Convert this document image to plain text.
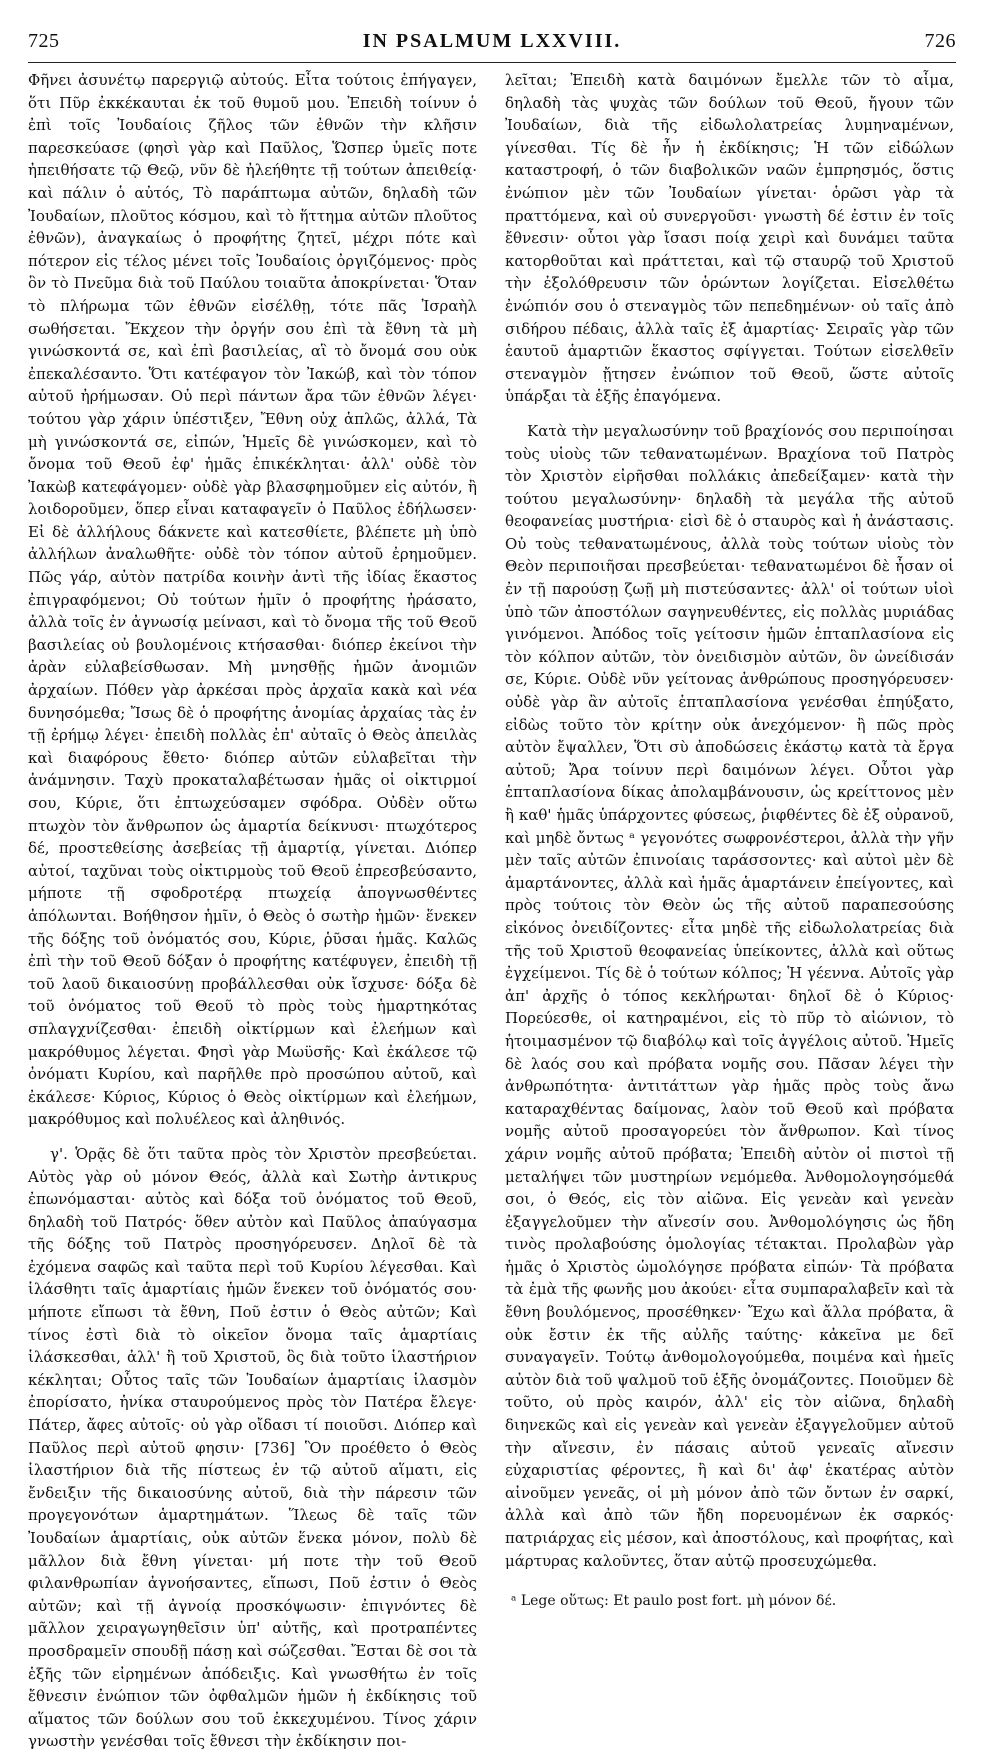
725	IN PSALMUM LXXVIII.	726

Φῆνει ἀσυνέτῳ παρεργιῷ αὐτούς. Εἶτα τούτοις ἐπήγαγεν, ὅτι Πῦρ ἐκκέκαυται ἐκ τοῦ θυμοῦ μου. Ἐπειδὴ τοίνυν ὁ ἐπὶ τοῖς Ἰουδαίοις ζῆλος τῶν ἐθνῶν τὴν κλῆσιν παρεσκεύασε (φησὶ γὰρ καὶ Παῦλος, Ὥσπερ ὑμεῖς ποτε ἠπειθήσατε τῷ Θεῷ, νῦν δὲ ἠλεήθητε τῇ τούτων ἀπειθείᾳ· καὶ πάλιν ὁ αὐτός, Τὸ παράπτωμα αὐτῶν, δηλαδὴ τῶν Ἰουδαίων, πλοῦτος κόσμου, καὶ τὸ ἥττημα αὐτῶν πλοῦτος ἐθνῶν), ἀναγκαίως ὁ προφήτης ζητεῖ, μέχρι πότε καὶ πότερον εἰς τέλος μένει τοῖς Ἰουδαίοις ὀργιζόμενος· πρὸς ὃν τὸ Πνεῦμα διὰ τοῦ Παύλου τοιαῦτα ἀποκρίνεται· Ὅταν τὸ πλήρωμα τῶν ἐθνῶν εἰσέλθῃ, τότε πᾶς Ἰσραὴλ σωθήσεται. Ἔκχεον τὴν ὀργήν σου ἐπὶ τὰ ἔθνη τὰ μὴ γινώσκοντά σε, καὶ ἐπὶ βασιλείας, αἳ τὸ ὄνομά σου οὐκ ἐπεκαλέσαντο. Ὅτι κατέφαγον τὸν Ἰακώβ, καὶ τὸν τόπον αὐτοῦ ἠρήμωσαν. Οὐ περὶ πάντων ἄρα τῶν ἐθνῶν λέγει· τούτου γὰρ χάριν ὑπέστιξεν, Ἔθνη οὐχ ἁπλῶς, ἀλλά, Τὰ μὴ γινώσκοντά σε, εἰπών, Ἡμεῖς δὲ γινώσκομεν, καὶ τὸ ὄνομα τοῦ Θεοῦ ἐφ' ἡμᾶς ἐπικέκληται· ἀλλ' οὐδὲ τὸν Ἰακὼβ κατεφάγομεν· οὐδὲ γὰρ βλασφημοῦμεν εἰς αὐτόν, ἢ λοιδοροῦμεν, ὅπερ εἶναι καταφαγεῖν ὁ Παῦλος ἐδήλωσεν· Εἰ δὲ ἀλλήλους δάκνετε καὶ κατεσθίετε, βλέπετε μὴ ὑπὸ ἀλλήλων ἀναλωθῆτε· οὐδὲ τὸν τόπον αὐτοῦ ἐρημοῦμεν. Πῶς γάρ, αὐτὸν πατρίδα κοινὴν ἀντὶ τῆς ἰδίας ἕκαστος ἐπιγραφόμενοι; Οὐ τούτων ἡμῖν ὁ προφήτης ἠράσατο, ἀλλὰ τοῖς ἐν ἀγνωσίᾳ μείνασι, καὶ τὸ ὄνομα τῆς τοῦ Θεοῦ βασιλείας οὐ βουλομένοις κτήσασθαι· διόπερ ἐκείνοι τὴν ἀρὰν εὐλαβείσθωσαν. Μὴ μνησθῇς ἡμῶν ἀνομιῶν ἀρχαίων. Πόθεν γὰρ ἀρκέσαι πρὸς ἀρχαῖα κακὰ καὶ νέα δυνησόμεθα; Ἴσως δὲ ὁ προφήτης ἀνομίας ἀρχαίας τὰς ἐν τῇ ἐρήμῳ λέγει· ἐπειδὴ πολλὰς ἐπ' αὐταῖς ὁ Θεὸς ἀπειλὰς καὶ διαφόρους ἔθετο· διόπερ αὐτῶν εὐλαβεῖται τὴν ἀνάμνησιν. Ταχὺ προκαταλαβέτωσαν ἡμᾶς οἱ οἰκτιρμοί σου, Κύριε, ὅτι ἐπτωχεύσαμεν σφόδρα. Οὐδὲν οὕτω πτωχὸν τὸν ἄνθρωπον ὡς ἁμαρτία δείκνυσι· πτωχότερος δέ, προστεθείσης ἀσεβείας τῇ ἁμαρτίᾳ, γίνεται. Διόπερ αὐτοί, ταχῦναι τοὺς οἰκτιρμοὺς τοῦ Θεοῦ ἐπρεσβεύσαντο, μήποτε τῇ σφοδροτέρᾳ πτωχείᾳ ἀπογνωσθέντες ἀπόλωνται. Βοήθησον ἡμῖν, ὁ Θεὸς ὁ σωτὴρ ἡμῶν· ἕνεκεν τῆς δόξης τοῦ ὀνόματός σου, Κύριε, ῥῦσαι ἡμᾶς. Καλῶς ἐπὶ τὴν τοῦ Θεοῦ δόξαν ὁ προφήτης κατέφυγεν, ἐπειδὴ τῇ τοῦ λαοῦ δικαιοσύνῃ προβάλλεσθαι οὐκ ἴσχυσε· δόξα δὲ τοῦ ὀνόματος τοῦ Θεοῦ τὸ πρὸς τοὺς ἡμαρτηκότας σπλαγχνίζεσθαι· ἐπειδὴ οἰκτίρμων καὶ ἐλεήμων καὶ μακρόθυμος λέγεται. Φησὶ γὰρ Μωϋσῆς· Καὶ ἐκάλεσε τῷ ὀνόματι Κυρίου, καὶ παρῆλθε πρὸ προσώπου αὐτοῦ, καὶ ἐκάλεσε· Κύριος, Κύριος ὁ Θεὸς οἰκτίρμων καὶ ἐλεήμων, μακρόθυμος καὶ πολυέλεος καὶ ἀληθινός.

γ'. Ὁρᾷς δὲ ὅτι ταῦτα πρὸς τὸν Χριστὸν πρεσβεύεται. Αὐτὸς γὰρ οὐ μόνον Θεός, ἀλλὰ καὶ Σωτὴρ ἀντικρυς ἐπωνόμασται· αὐτὸς καὶ δόξα τοῦ ὀνόματος τοῦ Θεοῦ, δηλαδὴ τοῦ Πατρός· ὅθεν αὐτὸν καὶ Παῦλος ἀπαύγασμα τῆς δόξης τοῦ Πατρὸς προσηγόρευσεν. Δηλοῖ δὲ τὰ ἐχόμενα σαφῶς καὶ ταῦτα περὶ τοῦ Κυρίου λέγεσθαι. Καὶ ἱλάσθητι ταῖς ἁμαρτίαις ἡμῶν ἕνεκεν τοῦ ὀνόματός σου· μήποτε εἴπωσι τὰ ἔθνη, Ποῦ ἐστιν ὁ Θεὸς αὐτῶν; Καὶ τίνος ἐστὶ διὰ τὸ οἰκεῖον ὄνομα ταῖς ἁμαρτίαις ἱλάσκεσθαι, ἀλλ' ἢ τοῦ Χριστοῦ, ὃς διὰ τοῦτο ἱλαστήριον κέκληται; Οὗτος ταῖς τῶν Ἰουδαίων ἁμαρτίαις ἱλασμὸν ἐπορίσατο, ἡνίκα σταυρούμενος πρὸς τὸν Πατέρα ἔλεγε· Πάτερ, ἄφες αὐτοῖς· οὐ γὰρ οἴδασι τί ποιοῦσι. Διόπερ καὶ Παῦλος περὶ αὐτοῦ φησιν· [736] Ὃν προέθετο ὁ Θεὸς ἱλαστήριον διὰ τῆς πίστεως ἐν τῷ αὐτοῦ αἵματι, εἰς ἔνδειξιν τῆς δικαιοσύνης αὐτοῦ, διὰ τὴν πάρεσιν τῶν προγεγονότων ἁμαρτημάτων. Ἵλεως δὲ ταῖς τῶν Ἰουδαίων ἁμαρτίαις, οὐκ αὐτῶν ἕνεκα μόνον, πολὺ δὲ μᾶλλον διὰ ἔθνη γίνεται· μή ποτε τὴν τοῦ Θεοῦ φιλανθρωπίαν ἀγνοήσαντες, εἴπωσι, Ποῦ ἐστιν ὁ Θεὸς αὐτῶν; καὶ τῇ ἀγνοίᾳ προσκόψωσιν· ἐπιγνόντες δὲ μᾶλλον χειραγωγηθεῖσιν ὑπ' αὐτῆς, καὶ προτραπέντες προσδραμεῖν σπουδῇ πάσῃ καὶ σώζεσθαι. Ἔσται δὲ σοι τὰ ἑξῆς τῶν εἰρημένων ἀπόδειξις. Καὶ γνωσθήτω ἐν τοῖς ἔθνεσιν ἐνώπιον τῶν ὀφθαλμῶν ἡμῶν ἡ ἐκδίκησις τοῦ αἵματος τῶν δούλων σου τοῦ ἐκκεχυμένου. Τίνος χάριν γνωστὴν γενέσθαι τοῖς ἔθνεσι τὴν ἐκδίκησιν ποι-

λεῖται; Ἐπειδὴ κατὰ δαιμόνων ἔμελλε τῶν τὸ αἷμα, δηλαδὴ τὰς ψυχὰς τῶν δούλων τοῦ Θεοῦ, ἤγουν τῶν Ἰουδαίων, διὰ τῆς εἰδωλολατρείας λυμηναμένων, γίνεσθαι. Τίς δὲ ἦν ἡ ἐκδίκησις; Ἡ τῶν εἰδώλων καταστροφή, ὁ τῶν διαβολικῶν ναῶν ἐμπρησμός, ὅστις ἐνώπιον μὲν τῶν Ἰουδαίων γίνεται· ὁρῶσι γὰρ τὰ πραττόμενα, καὶ οὐ συνεργοῦσι· γνωστὴ δέ ἐστιν ἐν τοῖς ἔθνεσιν· οὗτοι γὰρ ἴσασι ποίᾳ χειρὶ καὶ δυνάμει ταῦτα κατορθοῦται καὶ πράττεται, καὶ τῷ σταυρῷ τοῦ Χριστοῦ τὴν ἐξολόθρευσιν τῶν ὁρώντων λογίζεται. Εἰσελθέτω ἐνώπιόν σου ὁ στεναγμὸς τῶν πεπεδημένων· οὐ ταῖς ἀπὸ σιδήρου πέδαις, ἀλλὰ ταῖς ἐξ ἁμαρτίας· Σειραῖς γὰρ τῶν ἑαυτοῦ ἁμαρτιῶν ἕκαστος σφίγγεται. Τούτων εἰσελθεῖν στεναγμὸν ᾔτησεν ἐνώπιον τοῦ Θεοῦ, ὥστε αὐτοῖς ὑπάρξαι τὰ ἑξῆς ἐπαγόμενα.

Κατὰ τὴν μεγαλωσύνην τοῦ βραχίονός σου περιποίησαι τοὺς υἱοὺς τῶν τεθανατωμένων. Βραχίονα τοῦ Πατρὸς τὸν Χριστὸν εἰρῆσθαι πολλάκις ἀπεδείξαμεν· κατὰ τὴν τούτου μεγαλωσύνην· δηλαδὴ τὰ μεγάλα τῆς αὐτοῦ θεοφανείας μυστήρια· εἰσὶ δὲ ὁ σταυρὸς καὶ ἡ ἀνάστασις. Οὐ τοὺς τεθανατωμένους, ἀλλὰ τοὺς τούτων υἱοὺς τὸν Θεὸν περιποιῆσαι πρεσβεύεται· τεθανατωμένοι δὲ ἦσαν οἱ ἐν τῇ παρούσῃ ζωῇ μὴ πιστεύσαντες· ἀλλ' οἱ τούτων υἱοὶ ὑπὸ τῶν ἀποστόλων σαγηνευθέντες, εἰς πολλὰς μυριάδας γινόμενοι. Ἀπόδος τοῖς γείτοσιν ἡμῶν ἑπταπλασίονα εἰς τὸν κόλπον αὐτῶν, τὸν ὀνειδισμὸν αὐτῶν, ὃν ὠνείδισάν σε, Κύριε. Οὐδὲ νῦν γείτονας ἀνθρώπους προσηγόρευσεν· οὐδὲ γὰρ ἂν αὐτοῖς ἑπταπλασίονα γενέσθαι ἐπηύξατο, εἰδὼς τοῦτο τὸν κρίτην οὐκ ἀνεχόμενον· ἢ πῶς πρὸς αὐτὸν ἔψαλλεν, Ὅτι σὺ ἀποδώσεις ἑκάστῳ κατὰ τὰ ἔργα αὐτοῦ; Ἄρα τοίνυν περὶ δαιμόνων λέγει. Οὗτοι γὰρ ἑπταπλασίονα δίκας ἀπολαμβάνουσιν, ὡς κρείττονος μὲν ἢ καθ' ἡμᾶς ὑπάρχοντες φύσεως, ῥιφθέντες δὲ ἐξ οὐρανοῦ, καὶ μηδὲ ὄντως ᵃ γεγονότες σωφρονέστεροι, ἀλλὰ τὴν γῆν μὲν ταῖς αὐτῶν ἐπινοίαις ταράσσοντες· καὶ αὐτοὶ μὲν δὲ ἁμαρτάνοντες, ἀλλὰ καὶ ἡμᾶς ἁμαρτάνειν ἐπείγοντες, καὶ πρὸς τούτοις τὸν Θεὸν ὡς τῆς αὐτοῦ παραπεσούσης εἰκόνος ὀνειδίζοντες· εἶτα μηδὲ τῆς εἰδωλολατρείας διὰ τῆς τοῦ Χριστοῦ θεοφανείας ὑπείκοντες, ἀλλὰ καὶ οὕτως ἐγχείμενοι. Τίς δὲ ὁ τούτων κόλπος; Ἡ γέεννα. Αὐτοῖς γὰρ ἀπ' ἀρχῆς ὁ τόπος κεκλήρωται· δηλοῖ δὲ ὁ Κύριος· Πορεύεσθε, οἱ κατηραμένοι, εἰς τὸ πῦρ τὸ αἰώνιον, τὸ ἡτοιμασμένον τῷ διαβόλῳ καὶ τοῖς ἀγγέλοις αὐτοῦ. Ἡμεῖς δὲ λαός σου καὶ πρόβατα νομῆς σου. Πᾶσαν λέγει τὴν ἀνθρωπότητα· ἀντιτάττων γὰρ ἡμᾶς πρὸς τοὺς ἄνω καταραχθέντας δαίμονας, λαὸν τοῦ Θεοῦ καὶ πρόβατα νομῆς αὐτοῦ προσαγορεύει τὸν ἄνθρωπον. Καὶ τίνος χάριν νομῆς αὐτοῦ πρόβατα; Ἐπειδὴ αὐτὸν οἱ πιστοὶ τῇ μεταλήψει τῶν μυστηρίων νεμόμεθα. Ἀνθομολογησόμεθά σοι, ὁ Θεός, εἰς τὸν αἰῶνα. Εἰς γενεὰν καὶ γενεὰν ἐξαγγελοῦμεν τὴν αἴνεσίν σου. Ἀνθομολόγησις ὡς ἤδη τινὸς προλαβούσης ὁμολογίας τέτακται. Προλαβὼν γὰρ ἡμᾶς ὁ Χριστὸς ὡμολόγησε πρόβατα εἰπών· Τὰ πρόβατα τὰ ἐμὰ τῆς φωνῆς μου ἀκούει· εἶτα συμπαραλαβεῖν καὶ τὰ ἔθνη βουλόμενος, προσέθηκεν· Ἔχω καὶ ἄλλα πρόβατα, ἃ οὐκ ἔστιν ἐκ τῆς αὐλῆς ταύτης· κἀκεῖνα με δεῖ συναγαγεῖν. Τούτῳ ἀνθομολογούμεθα, ποιμένα καὶ ἡμεῖς αὐτὸν διὰ τοῦ ψαλμοῦ τοῦ ἑξῆς ὀνομάζοντες. Ποιοῦμεν δὲ τοῦτο, οὐ πρὸς καιρόν, ἀλλ' εἰς τὸν αἰῶνα, δηλαδὴ διηνεκῶς καὶ εἰς γενεὰν καὶ γενεὰν ἐξαγγελοῦμεν αὐτοῦ τὴν αἴνεσιν, ἐν πάσαις αὐτοῦ γενεαῖς αἴνεσιν εὐχαριστίας φέροντες, ἢ καὶ δι' ἀφ' ἑκατέρας αὐτὸν αἰνοῦμεν γενεᾶς, οἱ μὴ μόνον ἀπὸ τῶν ὄντων ἐν σαρκί, ἀλλὰ καὶ ἀπὸ τῶν ἤδη πορευομένων ἐκ σαρκός· πατριάρχας εἰς μέσον, καὶ ἀποστόλους, καὶ προφήτας, καὶ μάρτυρας καλοῦντες, ὅταν αὐτῷ προσευχώμεθα.

ᵃ Lege οὕτως: Et paulo post fort. μὴ μόνον δέ.
